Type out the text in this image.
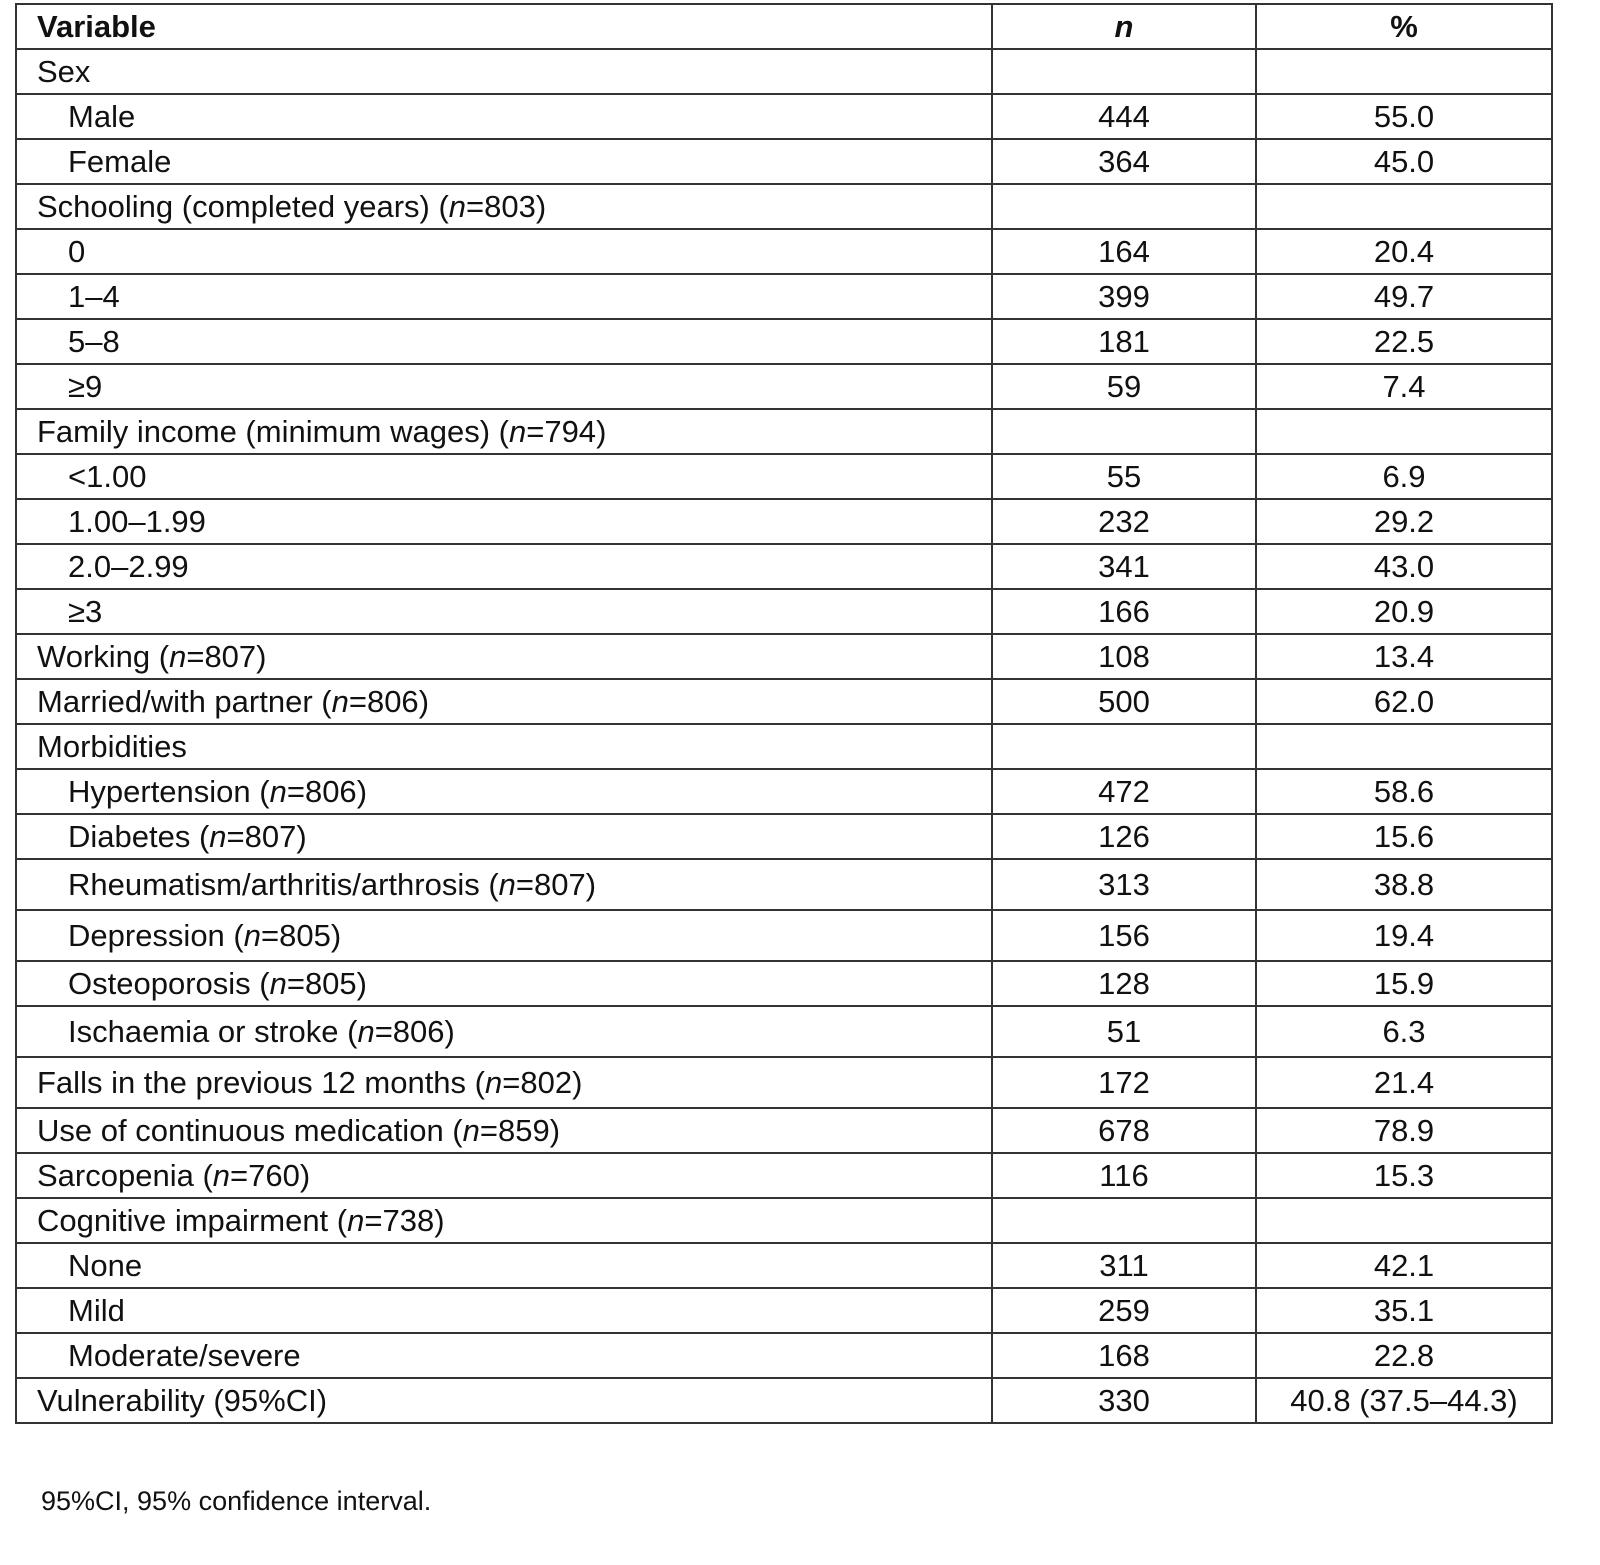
Variable	n	%
Sex		
Male	444	55.0
Female	364	45.0
Schooling (completed years) (n=803)		
0	164	20.4
1–4	399	49.7
5–8	181	22.5
≥9	59	7.4
Family income (minimum wages) (n=794)		
<1.00	55	6.9
1.00–1.99	232	29.2
2.0–2.99	341	43.0
≥3	166	20.9
Working (n=807)	108	13.4
Married/with partner (n=806)	500	62.0
Morbidities		
Hypertension (n=806)	472	58.6
Diabetes (n=807)	126	15.6
Rheumatism/arthritis/arthrosis (n=807)	313	38.8
Depression (n=805)	156	19.4
Osteoporosis (n=805)	128	15.9
Ischaemia or stroke (n=806)	51	6.3
Falls in the previous 12 months (n=802)	172	21.4
Use of continuous medication (n=859)	678	78.9
Sarcopenia (n=760)	116	15.3
Cognitive impairment (n=738)		
None	311	42.1
Mild	259	35.1
Moderate/severe	168	22.8
Vulnerability (95%CI)	330	40.8 (37.5–44.3)
95%CI, 95% confidence interval.
